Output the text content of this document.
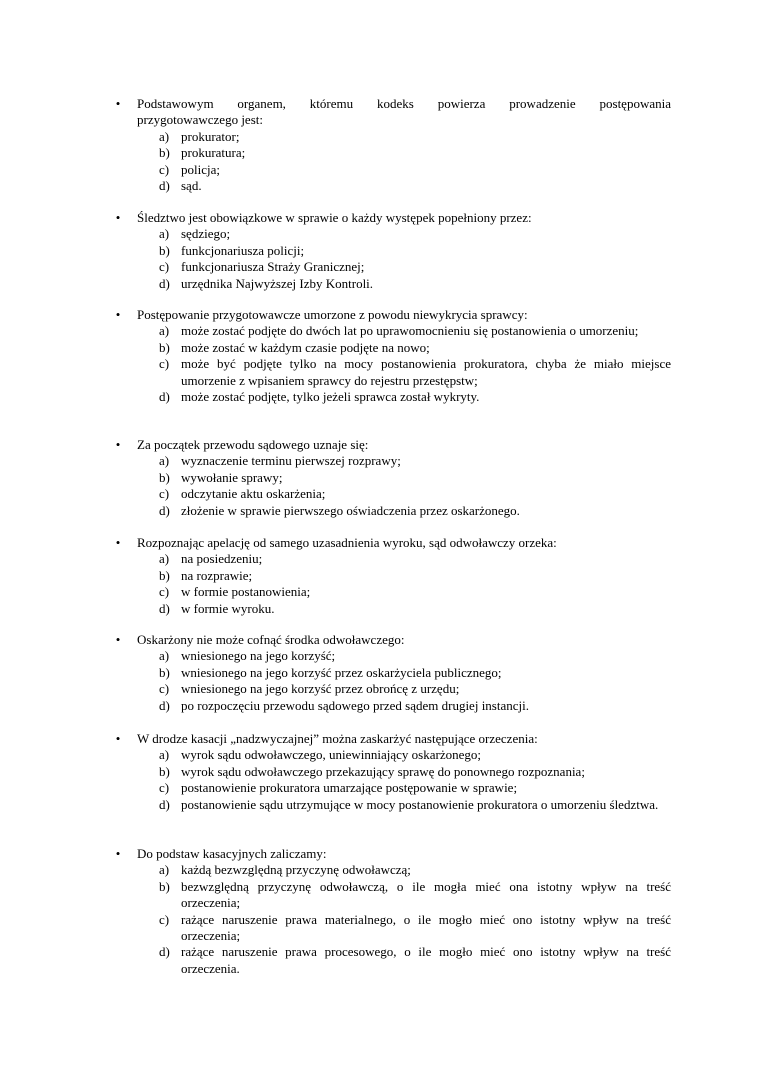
• Podstawowym organem, któremu kodeks powierza prowadzenie postępowania
przygotowawczego jest:
a) prokurator;
b) prokuratura;
c) policja;
d) sąd.
• Śledztwo jest obowiązkowe w sprawie o każdy występek popełniony przez:
a) sędziego;
b) funkcjonariusza policji;
c) funkcjonariusza Straży Granicznej;
d) urzędnika Najwyższej Izby Kontroli.
• Postępowanie przygotowawcze umorzone z powodu niewykrycia sprawcy:
a) może zostać podjęte do dwóch lat po uprawomocnieniu się postanowienia o umorzeniu;
b) może zostać w każdym czasie podjęte na nowo;
c) może być podjęte tylko na mocy postanowienia prokuratora, chyba że miało miejsce umorzenie z wpisaniem sprawcy do rejestru przestępstw;
d) może zostać podjęte, tylko jeżeli sprawca został wykryty.
• Za początek przewodu sądowego uznaje się:
a) wyznaczenie terminu pierwszej rozprawy;
b) wywołanie sprawy;
c) odczytanie aktu oskarżenia;
d) złożenie w sprawie pierwszego oświadczenia przez oskarżonego.
• Rozpoznając apelację od samego uzasadnienia wyroku, sąd odwoławczy orzeka:
a) na posiedzeniu;
b) na rozprawie;
c) w formie postanowienia;
d) w formie wyroku.
• Oskarżony nie może cofnąć środka odwoławczego:
a) wniesionego na jego korzyść;
b) wniesionego na jego korzyść przez oskarżyciela publicznego;
c) wniesionego na jego korzyść przez obrońcę z urzędu;
d) po rozpoczęciu przewodu sądowego przed sądem drugiej instancji.
• W drodze kasacji „nadzwyczajnej” można zaskarżyć następujące orzeczenia:
a) wyrok sądu odwoławczego, uniewinniający oskarżonego;
b) wyrok sądu odwoławczego przekazujący sprawę do ponownego rozpoznania;
c) postanowienie prokuratora umarzające postępowanie w sprawie;
d) postanowienie sądu utrzymujące w mocy postanowienie prokuratora o umorzeniu śledztwa.
• Do podstaw kasacyjnych zaliczamy:
a) każdą bezwzględną przyczynę odwoławczą;
b) bezwzględną przyczynę odwoławczą, o ile mogła mieć ona istotny wpływ na treść orzeczenia;
c) rażące naruszenie prawa materialnego, o ile mogło mieć ono istotny wpływ na treść orzeczenia;
d) rażące naruszenie prawa procesowego, o ile mogło mieć ono istotny wpływ na treść orzeczenia.
